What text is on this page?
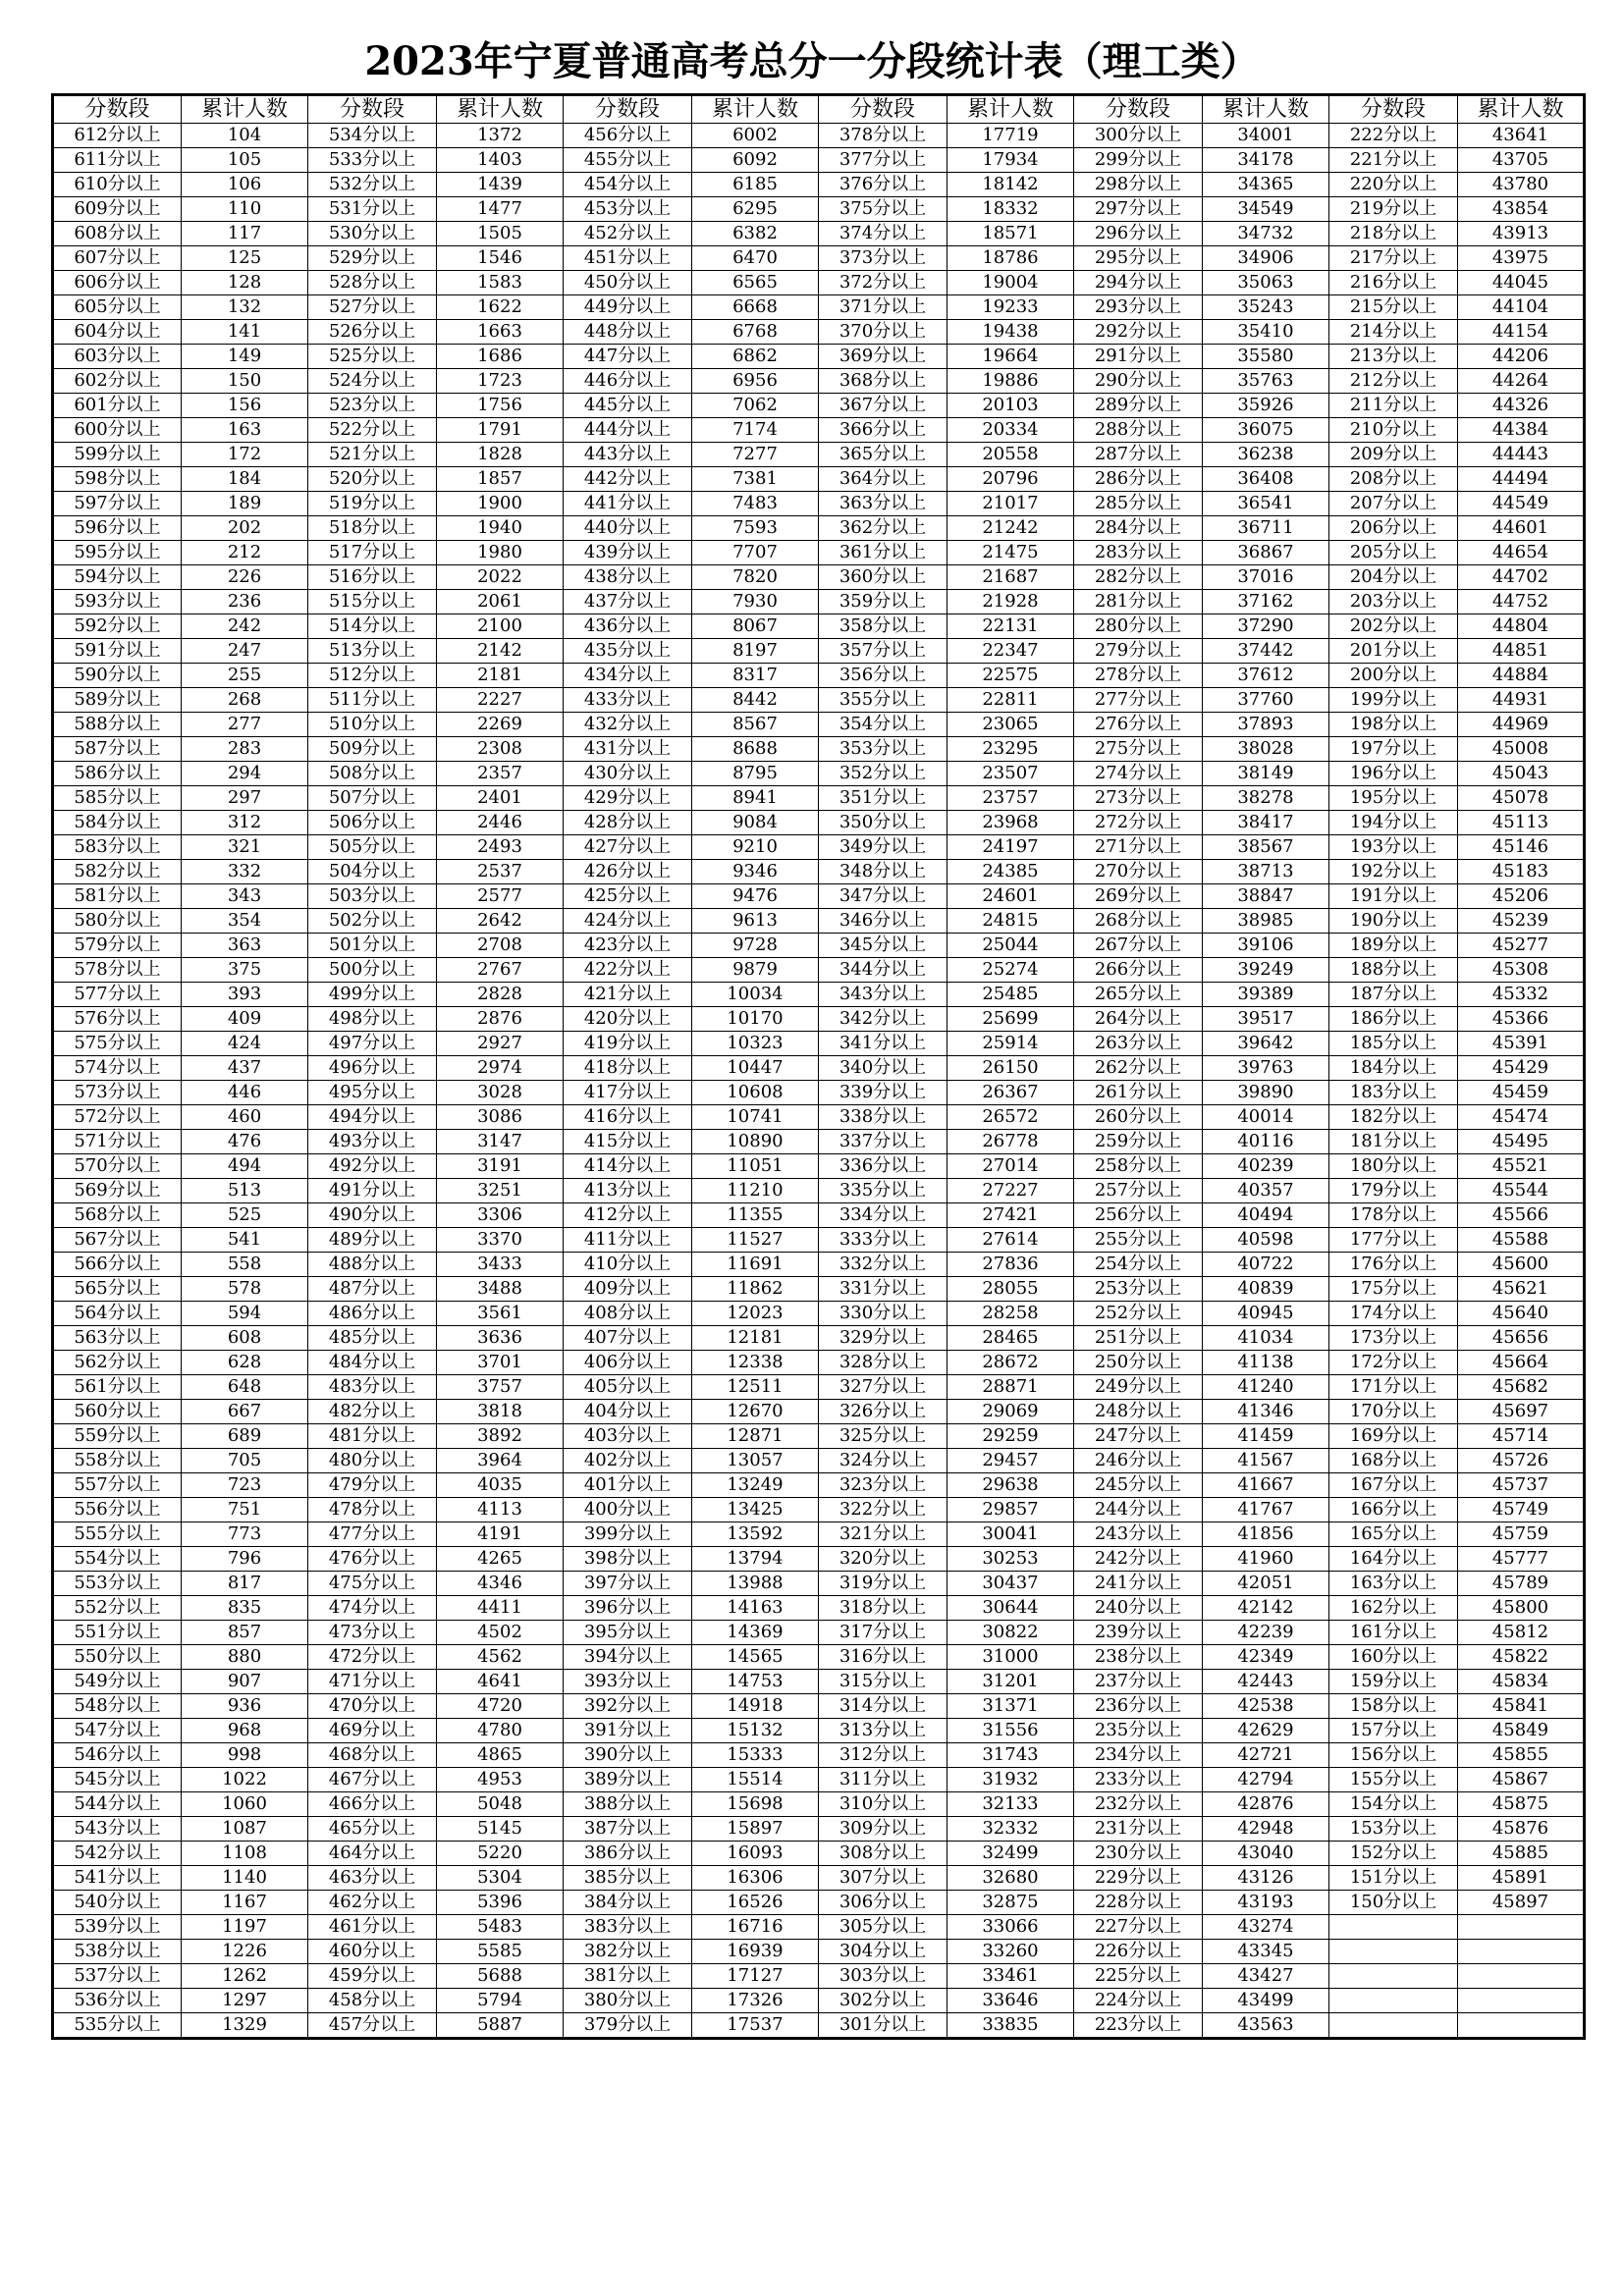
2023年宁夏普通高考总分一分段统计表（理工类）
分数段	累计人数	分数段	累计人数	分数段	累计人数	分数段	累计人数	分数段	累计人数	分数段	累计人数
612分以上	104	534分以上	1372	456分以上	6002	378分以上	17719	300分以上	34001	222分以上	43641
611分以上	105	533分以上	1403	455分以上	6092	377分以上	17934	299分以上	34178	221分以上	43705
610分以上	106	532分以上	1439	454分以上	6185	376分以上	18142	298分以上	34365	220分以上	43780
609分以上	110	531分以上	1477	453分以上	6295	375分以上	18332	297分以上	34549	219分以上	43854
608分以上	117	530分以上	1505	452分以上	6382	374分以上	18571	296分以上	34732	218分以上	43913
607分以上	125	529分以上	1546	451分以上	6470	373分以上	18786	295分以上	34906	217分以上	43975
606分以上	128	528分以上	1583	450分以上	6565	372分以上	19004	294分以上	35063	216分以上	44045
605分以上	132	527分以上	1622	449分以上	6668	371分以上	19233	293分以上	35243	215分以上	44104
604分以上	141	526分以上	1663	448分以上	6768	370分以上	19438	292分以上	35410	214分以上	44154
603分以上	149	525分以上	1686	447分以上	6862	369分以上	19664	291分以上	35580	213分以上	44206
602分以上	150	524分以上	1723	446分以上	6956	368分以上	19886	290分以上	35763	212分以上	44264
601分以上	156	523分以上	1756	445分以上	7062	367分以上	20103	289分以上	35926	211分以上	44326
600分以上	163	522分以上	1791	444分以上	7174	366分以上	20334	288分以上	36075	210分以上	44384
599分以上	172	521分以上	1828	443分以上	7277	365分以上	20558	287分以上	36238	209分以上	44443
598分以上	184	520分以上	1857	442分以上	7381	364分以上	20796	286分以上	36408	208分以上	44494
597分以上	189	519分以上	1900	441分以上	7483	363分以上	21017	285分以上	36541	207分以上	44549
596分以上	202	518分以上	1940	440分以上	7593	362分以上	21242	284分以上	36711	206分以上	44601
595分以上	212	517分以上	1980	439分以上	7707	361分以上	21475	283分以上	36867	205分以上	44654
594分以上	226	516分以上	2022	438分以上	7820	360分以上	21687	282分以上	37016	204分以上	44702
593分以上	236	515分以上	2061	437分以上	7930	359分以上	21928	281分以上	37162	203分以上	44752
592分以上	242	514分以上	2100	436分以上	8067	358分以上	22131	280分以上	37290	202分以上	44804
591分以上	247	513分以上	2142	435分以上	8197	357分以上	22347	279分以上	37442	201分以上	44851
590分以上	255	512分以上	2181	434分以上	8317	356分以上	22575	278分以上	37612	200分以上	44884
589分以上	268	511分以上	2227	433分以上	8442	355分以上	22811	277分以上	37760	199分以上	44931
588分以上	277	510分以上	2269	432分以上	8567	354分以上	23065	276分以上	37893	198分以上	44969
587分以上	283	509分以上	2308	431分以上	8688	353分以上	23295	275分以上	38028	197分以上	45008
586分以上	294	508分以上	2357	430分以上	8795	352分以上	23507	274分以上	38149	196分以上	45043
585分以上	297	507分以上	2401	429分以上	8941	351分以上	23757	273分以上	38278	195分以上	45078
584分以上	312	506分以上	2446	428分以上	9084	350分以上	23968	272分以上	38417	194分以上	45113
583分以上	321	505分以上	2493	427分以上	9210	349分以上	24197	271分以上	38567	193分以上	45146
582分以上	332	504分以上	2537	426分以上	9346	348分以上	24385	270分以上	38713	192分以上	45183
581分以上	343	503分以上	2577	425分以上	9476	347分以上	24601	269分以上	38847	191分以上	45206
580分以上	354	502分以上	2642	424分以上	9613	346分以上	24815	268分以上	38985	190分以上	45239
579分以上	363	501分以上	2708	423分以上	9728	345分以上	25044	267分以上	39106	189分以上	45277
578分以上	375	500分以上	2767	422分以上	9879	344分以上	25274	266分以上	39249	188分以上	45308
577分以上	393	499分以上	2828	421分以上	10034	343分以上	25485	265分以上	39389	187分以上	45332
576分以上	409	498分以上	2876	420分以上	10170	342分以上	25699	264分以上	39517	186分以上	45366
575分以上	424	497分以上	2927	419分以上	10323	341分以上	25914	263分以上	39642	185分以上	45391
574分以上	437	496分以上	2974	418分以上	10447	340分以上	26150	262分以上	39763	184分以上	45429
573分以上	446	495分以上	3028	417分以上	10608	339分以上	26367	261分以上	39890	183分以上	45459
572分以上	460	494分以上	3086	416分以上	10741	338分以上	26572	260分以上	40014	182分以上	45474
571分以上	476	493分以上	3147	415分以上	10890	337分以上	26778	259分以上	40116	181分以上	45495
570分以上	494	492分以上	3191	414分以上	11051	336分以上	27014	258分以上	40239	180分以上	45521
569分以上	513	491分以上	3251	413分以上	11210	335分以上	27227	257分以上	40357	179分以上	45544
568分以上	525	490分以上	3306	412分以上	11355	334分以上	27421	256分以上	40494	178分以上	45566
567分以上	541	489分以上	3370	411分以上	11527	333分以上	27614	255分以上	40598	177分以上	45588
566分以上	558	488分以上	3433	410分以上	11691	332分以上	27836	254分以上	40722	176分以上	45600
565分以上	578	487分以上	3488	409分以上	11862	331分以上	28055	253分以上	40839	175分以上	45621
564分以上	594	486分以上	3561	408分以上	12023	330分以上	28258	252分以上	40945	174分以上	45640
563分以上	608	485分以上	3636	407分以上	12181	329分以上	28465	251分以上	41034	173分以上	45656
562分以上	628	484分以上	3701	406分以上	12338	328分以上	28672	250分以上	41138	172分以上	45664
561分以上	648	483分以上	3757	405分以上	12511	327分以上	28871	249分以上	41240	171分以上	45682
560分以上	667	482分以上	3818	404分以上	12670	326分以上	29069	248分以上	41346	170分以上	45697
559分以上	689	481分以上	3892	403分以上	12871	325分以上	29259	247分以上	41459	169分以上	45714
558分以上	705	480分以上	3964	402分以上	13057	324分以上	29457	246分以上	41567	168分以上	45726
557分以上	723	479分以上	4035	401分以上	13249	323分以上	29638	245分以上	41667	167分以上	45737
556分以上	751	478分以上	4113	400分以上	13425	322分以上	29857	244分以上	41767	166分以上	45749
555分以上	773	477分以上	4191	399分以上	13592	321分以上	30041	243分以上	41856	165分以上	45759
554分以上	796	476分以上	4265	398分以上	13794	320分以上	30253	242分以上	41960	164分以上	45777
553分以上	817	475分以上	4346	397分以上	13988	319分以上	30437	241分以上	42051	163分以上	45789
552分以上	835	474分以上	4411	396分以上	14163	318分以上	30644	240分以上	42142	162分以上	45800
551分以上	857	473分以上	4502	395分以上	14369	317分以上	30822	239分以上	42239	161分以上	45812
550分以上	880	472分以上	4562	394分以上	14565	316分以上	31000	238分以上	42349	160分以上	45822
549分以上	907	471分以上	4641	393分以上	14753	315分以上	31201	237分以上	42443	159分以上	45834
548分以上	936	470分以上	4720	392分以上	14918	314分以上	31371	236分以上	42538	158分以上	45841
547分以上	968	469分以上	4780	391分以上	15132	313分以上	31556	235分以上	42629	157分以上	45849
546分以上	998	468分以上	4865	390分以上	15333	312分以上	31743	234分以上	42721	156分以上	45855
545分以上	1022	467分以上	4953	389分以上	15514	311分以上	31932	233分以上	42794	155分以上	45867
544分以上	1060	466分以上	5048	388分以上	15698	310分以上	32133	232分以上	42876	154分以上	45875
543分以上	1087	465分以上	5145	387分以上	15897	309分以上	32332	231分以上	42948	153分以上	45876
542分以上	1108	464分以上	5220	386分以上	16093	308分以上	32499	230分以上	43040	152分以上	45885
541分以上	1140	463分以上	5304	385分以上	16306	307分以上	32680	229分以上	43126	151分以上	45891
540分以上	1167	462分以上	5396	384分以上	16526	306分以上	32875	228分以上	43193	150分以上	45897
539分以上	1197	461分以上	5483	383分以上	16716	305分以上	33066	227分以上	43274		
538分以上	1226	460分以上	5585	382分以上	16939	304分以上	33260	226分以上	43345		
537分以上	1262	459分以上	5688	381分以上	17127	303分以上	33461	225分以上	43427		
536分以上	1297	458分以上	5794	380分以上	17326	302分以上	33646	224分以上	43499		
535分以上	1329	457分以上	5887	379分以上	17537	301分以上	33835	223分以上	43563		
